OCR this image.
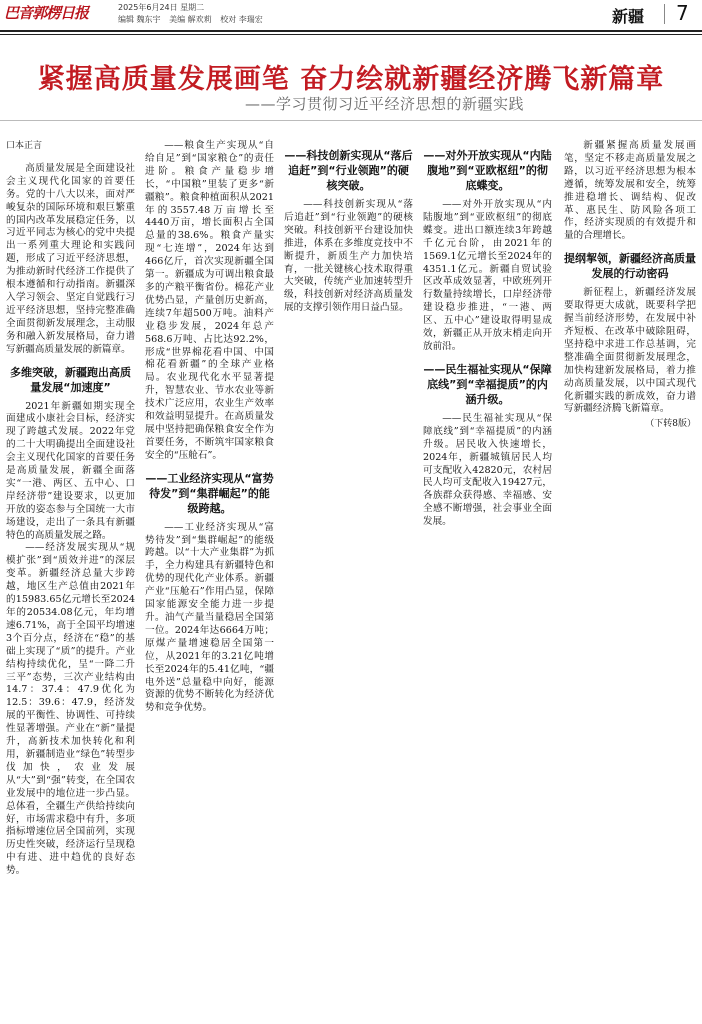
巴音郭楞日报	2025年6月24日 星期二
编辑 魏东宇 美编 解欢莉 校对 李瑞宏	新疆 7
紧握高质量发展画笔 奋力绘就新疆经济腾飞新篇章
——学习贯彻习近平经济思想的新疆实践

口本正言

高质量发展是全面建设社会主义现代化国家的首要任务。党的十八大以来，面对严峻复杂的国际环境和艰巨繁重的国内改革发展稳定任务，以习近平同志为核心的党中央提出一系列重大理论和实践问题，形成了习近平经济思想，为推动新时代经济工作提供了根本遵循和行动指南。新疆深入学习领会、坚定自觉践行习近平经济思想，坚持完整准确全面贯彻新发展理念，主动服务和融入新发展格局，奋力谱写新疆高质量发展的新篇章。

多维突破，新疆跑出高质量发展“加速度”

2021年新疆如期实现全面建成小康社会目标，经济实现了跨越式发展。2022年党的二十大明确提出全面建设社会主义现代化国家的首要任务是高质量发展，新疆全面落实“一港、两区、五中心、口岸经济带”建设要求，以更加开放的姿态参与全国统一大市场建设，走出了一条具有新疆特色的高质量发展之路。

——经济发展实现从“规模扩张”到“质效并进”的深层变革。新疆经济总量大步跨越，地区生产总值由2021年的15983.65亿元增长至2024年的20534.08亿元，年均增速6.71%，高于全国平均增速3个百分点，经济在“稳”的基础上实现了“质”的提升。产业结构持续优化，呈“一降二升三平”态势，三次产业结构由14.7：37.4：47.9优化为12.5：39.6：47.9，经济发展的平衡性、协调性、可持续性显著增强。产业在“新”量提升，高新技术加快转化和利用，新疆制造业“绿色”转型步伐加快，农业发展从“大”到“强”转变，在全国农业发展中的地位进一步凸显。总体看，全疆生产供给持续向好，市场需求稳中有升，多项指标增速位居全国前列，实现历史性突破，经济运行呈现稳中有进、进中趋优的良好态势。

——粮食生产实现从“自给自足”到“国家粮仓”的责任进阶。粮食产量稳步增长，“中国粮”里装了更多“新疆粮”。粮食种植面积从2021年的3557.48万亩增长至4440万亩，增长面积占全国总量的38.6%。粮食产量实现“七连增”，2024年达到466亿斤，首次实现新疆全国第一。新疆成为可调出粮食最多的产粮平衡省份。棉花产业优势凸显，产量创历史新高，连续7年超500万吨。油料产业稳步发展，2024年总产568.6万吨、占比达92.2%，形成“世界棉花看中国、中国棉花看新疆”的全球产业格局。农业现代化水平显著提升，智慧农业、节水农业等新技术广泛应用，农业生产效率和效益明显提升。在高质量发展中坚持把确保粮食安全作为首要任务，不断筑牢国家粮食安全的“压舱石”。

——工业经济实现从“富势待发”到“集群崛起”的能级跨越。

——工业经济实现从“富势待发”到“集群崛起”的能级跨越。以“十大产业集群”为抓手，全力构建具有新疆特色和优势的现代化产业体系。新疆产业“压舱石”作用凸显，保障国家能源安全能力进一步提升。油气产量当量稳居全国第一位。2024年达6664万吨；原煤产量增速稳居全国第一位，从2021年的3.21亿吨增长至2024年的5.41亿吨，“疆电外送”总量稳中向好，能源资源的优势不断转化为经济优势和竞争优势。

——科技创新实现从“落后追赶”到“行业领跑”的硬核突破。

——科技创新实现从“落后追赶”到“行业领跑”的硬核突破。科技创新平台建设加快推进，体系在多维度竞技中不断提升，新质生产力加快培育，一批关键核心技术取得重大突破，传统产业加速转型升级，科技创新对经济高质量发展的支撑引领作用日益凸显。

——对外开放实现从“内陆腹地”到“亚欧枢纽”的彻底蝶变。

——对外开放实现从“内陆腹地”到“亚欧枢纽”的彻底蝶变。进出口额连续3年跨越千亿元台阶，由2021年的1569.1亿元增长至2024年的4351.1亿元。新疆自贸试验区改革成效显著，中欧班列开行数量持续增长，口岸经济带建设稳步推进，“一港、两区、五中心”建设取得明显成效，新疆正从开放末梢走向开放前沿。

——民生福祉实现从“保障底线”到“幸福提质”的内涵升级。

——民生福祉实现从“保障底线”到“幸福提质”的内涵升级。居民收入快速增长，2024年，新疆城镇居民人均可支配收入42820元，农村居民人均可支配收入19427元，各族群众获得感、幸福感、安全感不断增强，社会事业全面发展。

新疆紧握高质量发展画笔，坚定不移走高质量发展之路，以习近平经济思想为根本遵循，统筹发展和安全，统筹推进稳增长、调结构、促改革、惠民生、防风险各项工作，经济实现质的有效提升和量的合理增长。

提纲挈领，新疆经济高质量发展的行动密码

新征程上，新疆经济发展要取得更大成就，既要科学把握当前经济形势，在发展中补齐短板、在改革中破除阻碍，坚持稳中求进工作总基调，完整准确全面贯彻新发展理念，加快构建新发展格局，着力推动高质量发展，以中国式现代化新疆实践的新成效，奋力谱写新疆经济腾飞新篇章。

（下转8版）
